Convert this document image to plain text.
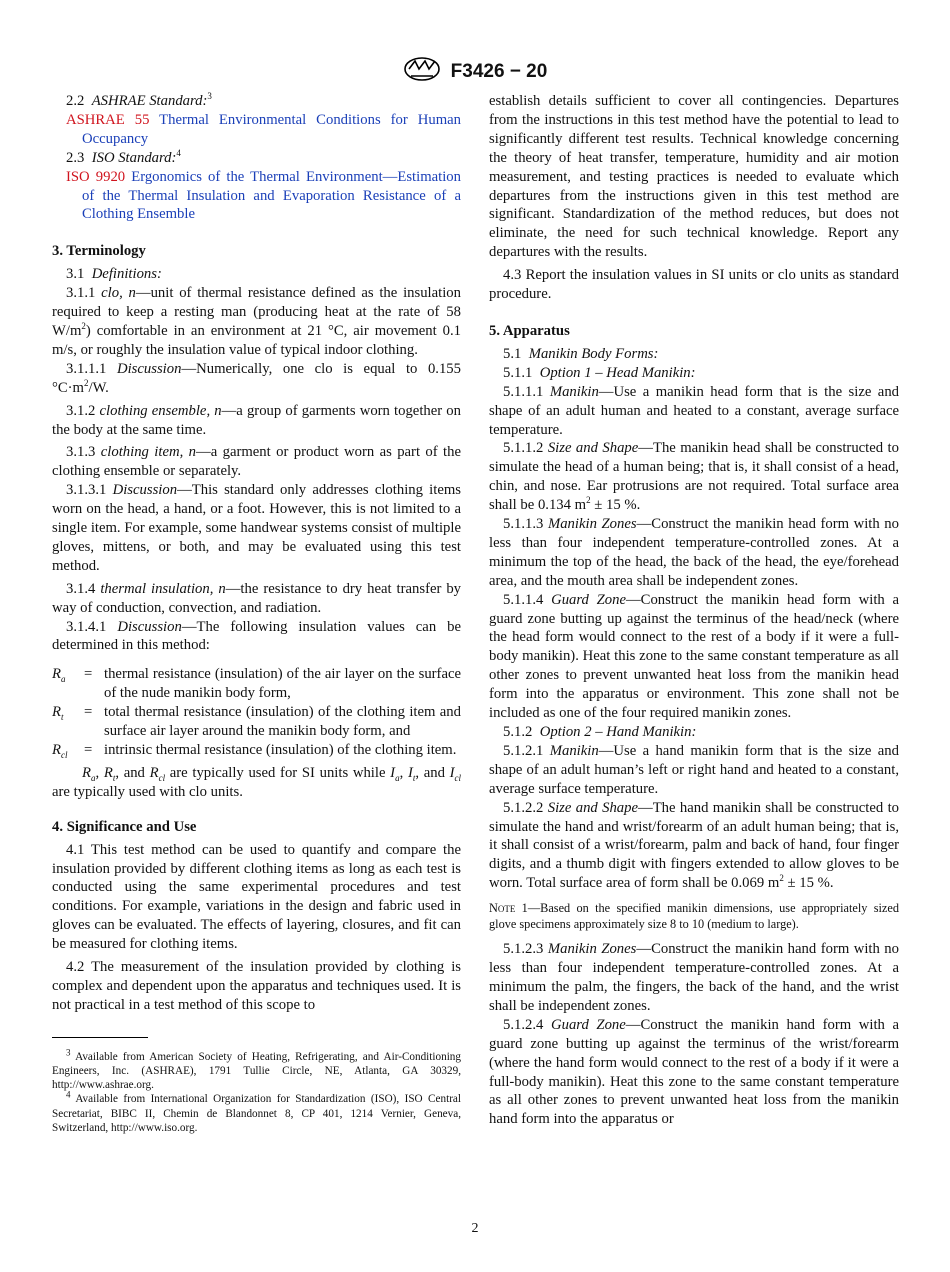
F3426 − 20

2.2 ASHRAE Standard:$^3$

ASHRAE 55 Thermal Environmental Conditions for Human Occupancy

2.3 ISO Standard:$^4$

ISO 9920 Ergonomics of the Thermal Environment—Estimation of the Thermal Insulation and Evaporation Resistance of a Clothing Ensemble

3. Terminology

3.1 Definitions:

3.1.1 clo, n—unit of thermal resistance defined as the insulation required to keep a resting man (producing heat at the rate of 58 $W/m^2$) comfortable in an environment at 21 °C, air movement 0.1 m/s, or roughly the insulation value of typical indoor clothing.

3.1.1.1 Discussion—Numerically, one clo is equal to 0.155 $^\circ C\cdot m^2/W$.

3.1.2 clothing ensemble, n—a group of garments worn together on the body at the same time.

3.1.3 clothing item, n—a garment or product worn as part of the clothing ensemble or separately.

3.1.3.1 Discussion—This standard only addresses clothing items worn on the head, a hand, or a foot. However, this is not limited to a single item. For example, some handwear systems consist of multiple gloves, mittens, or both, and may be evaluated using this test method.

3.1.4 thermal insulation, n—the resistance to dry heat transfer by way of conduction, convection, and radiation.

3.1.4.1 Discussion—The following insulation values can be determined in this method:

$R_a$	= thermal resistance (insulation) of the air layer on the surface of the nude manikin body form,
$R_t$	= total thermal resistance (insulation) of the clothing item and surface air layer around the manikin body form, and
$R_{cl}$	= intrinsic thermal resistance (insulation) of the clothing item.

$R_a$, $R_t$, and $R_{cl}$ are typically used for SI units while $I_a$, $I_t$, and $I_{cl}$ are typically used with clo units.

4. Significance and Use

4.1 This test method can be used to quantify and compare the insulation provided by different clothing items as long as each test is conducted using the same experimental procedures and test conditions. For example, variations in the design and fabric used in gloves can be evaluated. The effects of layering, closures, and fit can be measured for clothing items.

4.2 The measurement of the insulation provided by clothing is complex and dependent upon the apparatus and techniques used. It is not practical in a test method of this scope to

$^3$ Available from American Society of Heating, Refrigerating, and Air-Conditioning Engineers, Inc. (ASHRAE), 1791 Tullie Circle, NE, Atlanta, GA 30329, http://www.ashrae.org.

$^4$ Available from International Organization for Standardization (ISO), ISO Central Secretariat, BIBC II, Chemin de Blandonnet 8, CP 401, 1214 Vernier, Geneva, Switzerland, http://www.iso.org.

establish details sufficient to cover all contingencies. Departures from the instructions in this test method have the potential to lead to significantly different test results. Technical knowledge concerning the theory of heat transfer, temperature, humidity and air motion measurement, and testing practices is needed to evaluate which departures from the instructions given in this test method are significant. Standardization of the method reduces, but does not eliminate, the need for such technical knowledge. Report any departures with the results.

4.3 Report the insulation values in SI units or clo units as standard procedure.

5. Apparatus

5.1 Manikin Body Forms:

5.1.1 Option 1 – Head Manikin:

5.1.1.1 Manikin—Use a manikin head form that is the size and shape of an adult human and heated to a constant, average surface temperature.

5.1.1.2 Size and Shape—The manikin head shall be constructed to simulate the head of a human being; that is, it shall consist of a head, chin, and nose. Ear protrusions are not required. Total surface area shall be 0.134 $m^2 \pm 15$ %.

5.1.1.3 Manikin Zones—Construct the manikin head form with no less than four independent temperature-controlled zones. At a minimum the top of the head, the back of the head, the eye/forehead area, and the mouth area shall be independent zones.

5.1.1.4 Guard Zone—Construct the manikin head form with a guard zone butting up against the terminus of the head/neck (where the head form would connect to the rest of a body if it were a full-body manikin). Heat this zone to the same constant temperature as all other zones to prevent unwanted heat loss from the manikin head form into the apparatus or environment. This zone shall not be included as one of the four required manikin zones.

5.1.2 Option 2 – Hand Manikin:

5.1.2.1 Manikin—Use a hand manikin form that is the size and shape of an adult human’s left or right hand and heated to a constant, average surface temperature.

5.1.2.2 Size and Shape—The hand manikin shall be constructed to simulate the hand and wrist/forearm of an adult human being; that is, it shall consist of a wrist/forearm, palm and back of hand, four finger digits, and a thumb digit with fingers extended to allow gloves to be worn. Total surface area of form shall be 0.069 $m^2 \pm 15$ %.

Note 1—Based on the specified manikin dimensions, use appropriately sized glove specimens approximately size 8 to 10 (medium to large).

5.1.2.3 Manikin Zones—Construct the manikin hand form with no less than four independent temperature-controlled zones. At a minimum the palm, the fingers, the back of the hand, and the wrist shall be independent zones.

5.1.2.4 Guard Zone—Construct the manikin hand form with a guard zone butting up against the terminus of the wrist/forearm (where the hand form would connect to the rest of a body if it were a full-body manikin). Heat this zone to the same constant temperature as all other zones to prevent unwanted heat loss from the manikin hand form into the apparatus or

2
